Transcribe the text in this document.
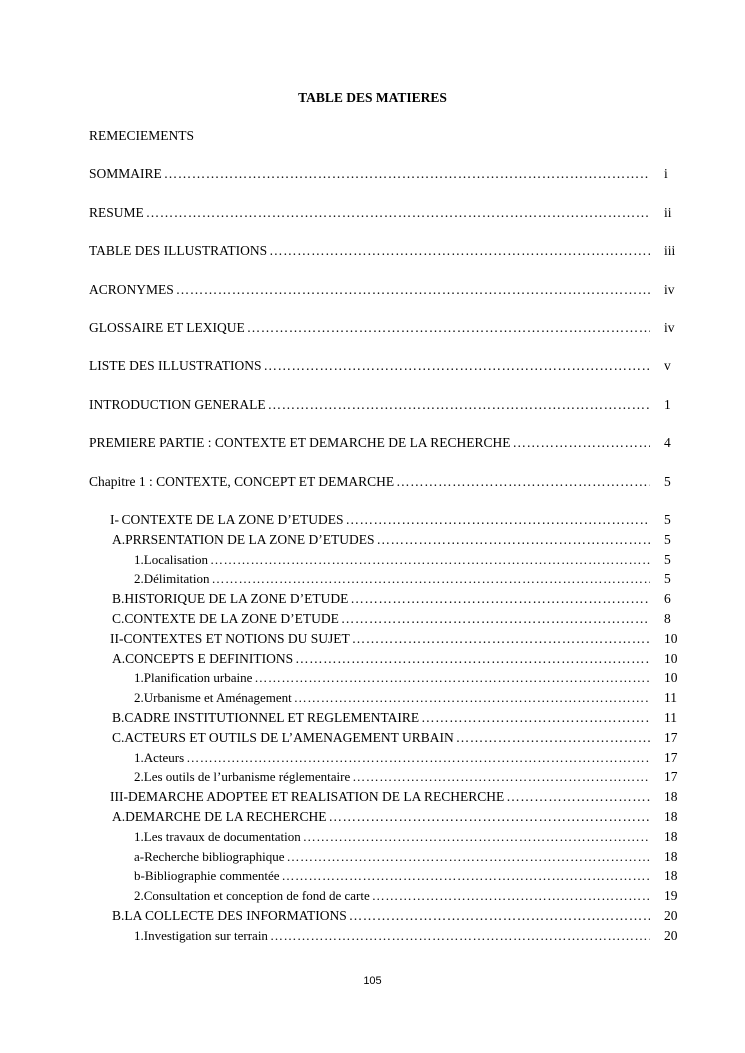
TABLE DES MATIERES
REMECIEMENTS
SOMMAIRE ………………………………………………………………………………………………………………………………………………………………………………………………………………………………………	i
RESUME ………………………………………………………………………………………………………………………………………………………………………………………………………………………………………	ii
TABLE DES ILLUSTRATIONS ………………………………………………………………………………………………………………………………………………………………………………………………………………………………………	iii
ACRONYMES ………………………………………………………………………………………………………………………………………………………………………………………………………………………………………	iv
GLOSSAIRE ET LEXIQUE ………………………………………………………………………………………………………………………………………………………………………………………………………………………………………	iv
LISTE DES ILLUSTRATIONS ………………………………………………………………………………………………………………………………………………………………………………………………………………………………………	v
INTRODUCTION GENERALE ………………………………………………………………………………………………………………………………………………………………………………………………………………………………………	1
PREMIERE PARTIE : CONTEXTE ET DEMARCHE DE LA RECHERCHE ………………………………………………………………………………………………………………………………………………………………………………………………………………………………………	4
Chapitre 1 : CONTEXTE, CONCEPT ET DEMARCHE ………………………………………………………………………………………………………………………………………………………………………………………………………………………………………	5
I- CONTEXTE DE LA ZONE D’ETUDES ………………………………………………………………………………………………………………………………………………………………………………………………………………………………………	5
A. PRRSENTATION DE LA ZONE D’ETUDES ………………………………………………………………………………………………………………………………………………………………………………………………………………………………………	5
1. Localisation ………………………………………………………………………………………………………………………………………………………………………………………………………………………………………	5
2. Délimitation ………………………………………………………………………………………………………………………………………………………………………………………………………………………………………	5
B. HISTORIQUE DE LA ZONE D’ETUDE ………………………………………………………………………………………………………………………………………………………………………………………………………………………………………	6
C. CONTEXTE DE LA ZONE D’ETUDE ………………………………………………………………………………………………………………………………………………………………………………………………………………………………………	8
II- CONTEXTES ET NOTIONS DU SUJET ………………………………………………………………………………………………………………………………………………………………………………………………………………………………………	10
A. CONCEPTS E DEFINITIONS ………………………………………………………………………………………………………………………………………………………………………………………………………………………………………	10
1. Planification urbaine ………………………………………………………………………………………………………………………………………………………………………………………………………………………………………	10
2. Urbanisme et Aménagement ………………………………………………………………………………………………………………………………………………………………………………………………………………………………………	11
B. CADRE INSTITUTIONNEL ET REGLEMENTAIRE ………………………………………………………………………………………………………………………………………………………………………………………………………………………………………	11
C. ACTEURS ET OUTILS DE L’AMENAGEMENT URBAIN ………………………………………………………………………………………………………………………………………………………………………………………………………………………………………	17
1. Acteurs ………………………………………………………………………………………………………………………………………………………………………………………………………………………………………	17
2. Les outils de l’urbanisme réglementaire ………………………………………………………………………………………………………………………………………………………………………………………………………………………………………	17
III- DEMARCHE ADOPTEE ET REALISATION DE LA RECHERCHE ………………………………………………………………………………………………………………………………………………………………………………………………………………………………………	18
A. DEMARCHE DE LA RECHERCHE ………………………………………………………………………………………………………………………………………………………………………………………………………………………………………	18
1. Les travaux de documentation ………………………………………………………………………………………………………………………………………………………………………………………………………………………………………	18
a- Recherche bibliographique ………………………………………………………………………………………………………………………………………………………………………………………………………………………………………	18
b- Bibliographie commentée ………………………………………………………………………………………………………………………………………………………………………………………………………………………………………	18
2. Consultation et conception de fond de carte ………………………………………………………………………………………………………………………………………………………………………………………………………………………………………	19
B. LA COLLECTE DES INFORMATIONS ………………………………………………………………………………………………………………………………………………………………………………………………………………………………………	20
1. Investigation sur terrain ………………………………………………………………………………………………………………………………………………………………………………………………………………………………………	20
105
